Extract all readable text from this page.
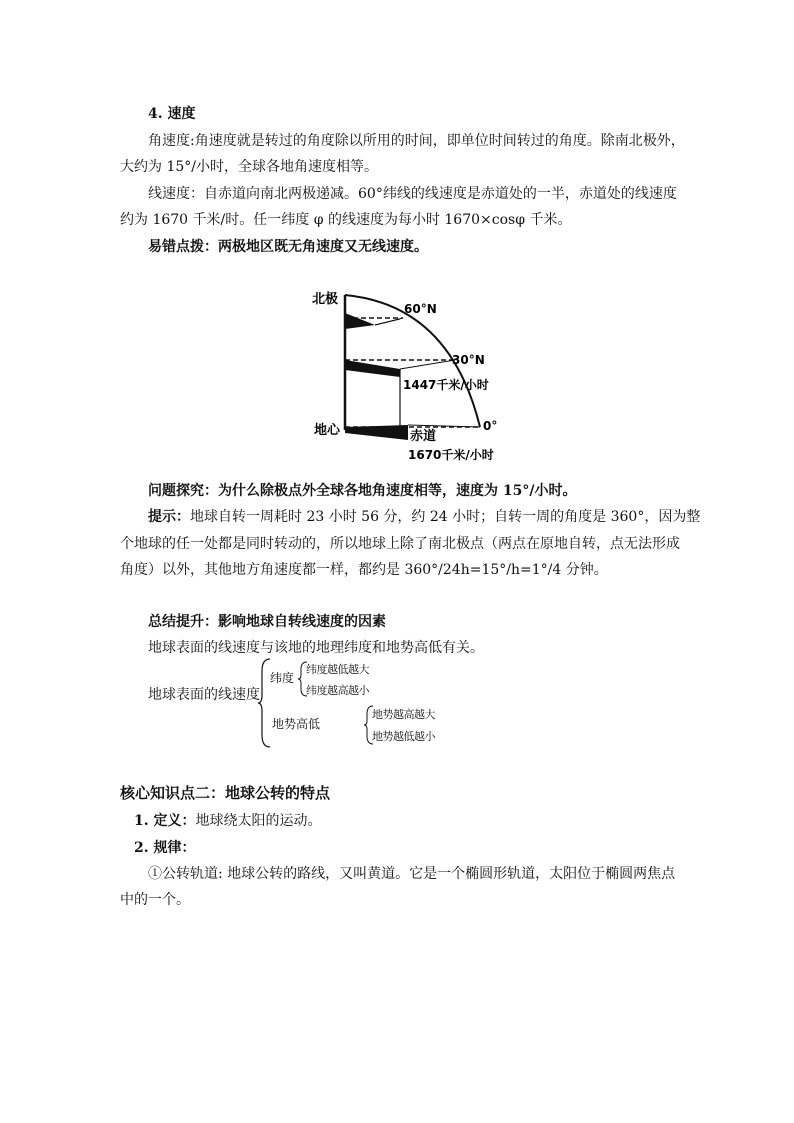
4. 速度
角速度:角速度就是转过的角度除以所用的时间，即单位时间转过的角度。除南北极外，
大约为 15°/小时，全球各地角速度相等。
线速度：自赤道向南北两极递减。60°纬线的线速度是赤道处的一半，赤道处的线速度
约为 1670 千米/时。任一纬度 φ 的线速度为每小时 1670×cosφ 千米。
易错点拨：两极地区既无角速度又无线速度。
北极
60°N
30°N
1447千米/小时
地心	赤道
0°
1670千米/小时
问题探究：为什么除极点外全球各地角速度相等，速度为 15°/小时。
提示：地球自转一周耗时 23 小时 56 分，约 24 小时；自转一周的角度是 360°，因为整
个地球的任一处都是同时转动的，所以地球上除了南北极点（两点在原地自转，点无法形成
角度）以外，其他地方角速度都一样，都约是 360°/24h=15°/h=1°/4 分钟。
总结提升：影响地球自转线速度的因素
地球表面的线速度与该地的地理纬度和地势高低有关。
地球表面的线速度
纬度
纬度越低越大
纬度越高越小
地势高低
地势越高越大
地势越低越小
核心知识点二：地球公转的特点
1. 定义：地球绕太阳的运动。
2. 规律：
①公转轨道: 地球公转的路线，又叫黄道。它是一个椭圆形轨道，太阳位于椭圆两焦点
中的一个。
